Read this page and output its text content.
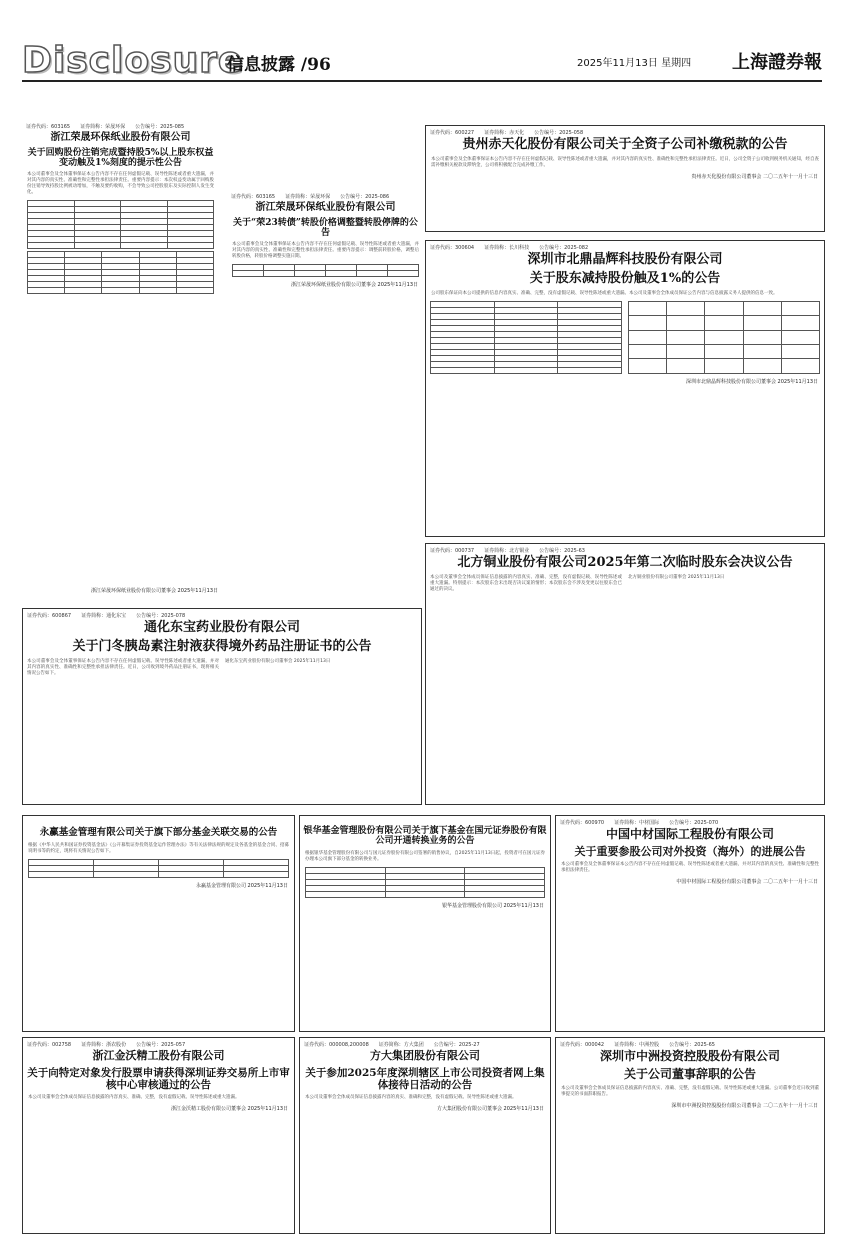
Disclosure
信息披露 /96	2025年11月13日 星期四 上海證券報
证券代码：603165　　证券简称：荣晟环保　　公告编号：2025-085
浙江荣晟环保纸业股份有限公司
关于回购股份注销完成暨持股5%以上股东权益变动触及1%刻度的提示性公告
本公司董事会及全体董事保证本公告内容不存在任何虚假记载、误导性陈述或者重大遗漏，并对其内容的真实性、准确性和完整性承担法律责任。重要内容提示：本次权益变动属于回购股份注销导致持股比例被动增加，不触及要约收购，不会导致公司控股股东及实际控制人发生变化。

证券代码：603165　　证券简称：荣晟环保　　公告编号：2025-086
浙江荣晟环保纸业股份有限公司
关于“荣23转债”转股价格调整暨转股停牌的公告
本公司董事会及全体董事保证本公告内容不存在任何虚假记载、误导性陈述或者重大遗漏，并对其内容的真实性、准确性和完整性承担法律责任。重要内容提示：调整前转股价格，调整后转股价格，转股价格调整实施日期。

浙江荣晟环保纸业股份有限公司董事会 2025年11月13日
证券代码：600227　　证券简称：赤天化　　公告编号：2025-058
贵州赤天化股份有限公司关于全资子公司补缴税款的公告
本公司董事会及全体董事保证本公告内容不存在任何虚假记载、误导性陈述或者重大遗漏，并对其内容的真实性、准确性和完整性承担法律责任。近日，公司全资子公司收到税务机关通知，经自查需补缴相关税款及滞纳金，公司将积极配合完成补缴工作。
贵州赤天化股份有限公司董事会 二〇二五年十一月十三日
证券代码：300604　　证券简称：长川科技　　公告编号：2025-082
深圳市北鼎晶辉科技股份有限公司
关于股东减持股份触及1%的公告
公司股东保证向本公司提供的信息内容真实、准确、完整，没有虚假记载、误导性陈述或重大遗漏。本公司及董事会全体成员保证公告内容与信息披露义务人提供的信息一致。

深圳市北鼎晶辉科技股份有限公司董事会 2025年11月13日
证券代码：000737　　证券简称：北方铜业　　公告编号：2025-63
北方铜业股份有限公司2025年第二次临时股东会决议公告
本公司及董事会全体成员保证信息披露的内容真实、准确、完整，没有虚假记载、误导性陈述或重大遗漏。特别提示：本次股东会未出现否决议案的情形；本次股东会不涉及变更以往股东会已通过的决议。
北方铜业股份有限公司董事会 2025年11月13日
证券代码：600867　　证券简称：通化东宝　　公告编号：2025-078
通化东宝药业股份有限公司
关于门冬胰岛素注射液获得境外药品注册证书的公告
本公司董事会及全体董事保证本公告内容不存在任何虚假记载、误导性陈述或者重大遗漏，并对其内容的真实性、准确性和完整性承担法律责任。近日，公司收到境外药品注册证书，现将相关情况公告如下。
通化东宝药业股份有限公司董事会 2025年11月13日
永赢基金管理有限公司关于旗下部分基金关联交易的公告
根据《中华人民共和国证券投资基金法》《公开募集证券投资基金运作管理办法》等有关法律法规的规定及各基金的基金合同、招募说明书等的约定，现将有关情况公告如下。

永赢基金管理有限公司 2025年11月13日
银华基金管理股份有限公司关于旗下基金在国元证券股份有限公司开通转换业务的公告
根据银华基金管理股份有限公司与国元证券股份有限公司签署的销售协议，自2025年11月13日起，投资者可在国元证券办理本公司旗下部分基金的转换业务。

银华基金管理股份有限公司 2025年11月13日
证券代码：600970　　证券简称：中材国际　　公告编号：2025-070
中国中材国际工程股份有限公司
关于重要参股公司对外投资（海外）的进展公告
本公司董事会及全体董事保证本公告内容不存在任何虚假记载、误导性陈述或者重大遗漏，并对其内容的真实性、准确性和完整性承担法律责任。
中国中材国际工程股份有限公司董事会 二〇二五年十一月十三日
证券代码：002758　　证券简称：浙农股份　　公告编号：2025-057
浙江金沃精工股份有限公司
关于向特定对象发行股票申请获得深圳证券交易所上市审核中心审核通过的公告
本公司及董事会全体成员保证信息披露的内容真实、准确、完整，没有虚假记载、误导性陈述或重大遗漏。
浙江金沃精工股份有限公司董事会 2025年11月13日
证券代码：000008,200008　　证券简称：方大集团　　公告编号：2025-27
方大集团股份有限公司
关于参加2025年度深圳辖区上市公司投资者网上集体接待日活动的公告
本公司及董事会全体成员保证信息披露内容的真实、准确和完整，没有虚假记载、误导性陈述或重大遗漏。
方大集团股份有限公司董事会 2025年11月13日
证券代码：000042　　证券简称：中洲控股　　公告编号：2025-65
深圳市中洲投资控股股份有限公司
关于公司董事辞职的公告
本公司及董事会全体成员保证信息披露的内容真实、准确、完整，没有虚假记载、误导性陈述或重大遗漏。公司董事会近日收到董事提交的书面辞职报告。
深圳市中洲投资控股股份有限公司董事会 二〇二五年十一月十三日
浙江荣晟环保纸业股份有限公司董事会 2025年11月13日
